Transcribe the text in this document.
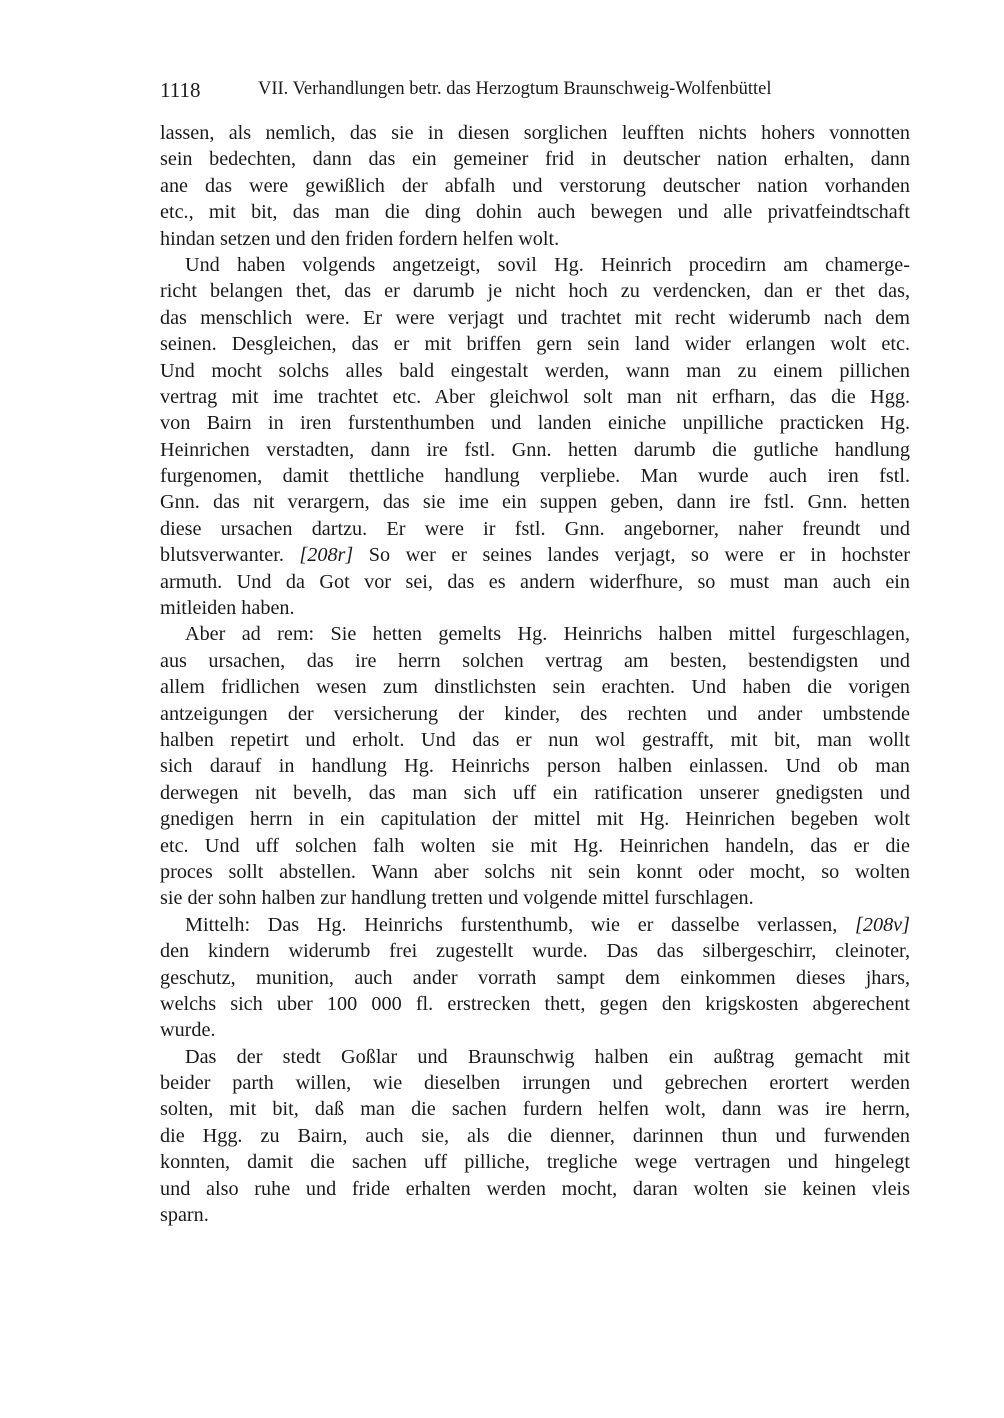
1118	VII. Verhandlungen betr. das Herzogtum Braunschweig-Wolfenbüttel
lassen, als nemlich, das sie in diesen sorglichen leufften nichts hohers vonnotten
sein bedechten, dann das ein gemeiner frid in deutscher nation erhalten, dann
ane das were gewißlich der abfalh und verstorung deutscher nation vorhanden
etc., mit bit, das man die ding dohin auch bewegen und alle privatfeindtschaft
hindan setzen und den friden fordern helfen wolt.
Und haben volgends angetzeigt, sovil Hg. Heinrich procedirn am chamerge-
richt belangen thet, das er darumb je nicht hoch zu verdencken, dan er thet das,
das menschlich were. Er were verjagt und trachtet mit recht widerumb nach dem
seinen. Desgleichen, das er mit briffen gern sein land wider erlangen wolt etc.
Und mocht solchs alles bald eingestalt werden, wann man zu einem pillichen
vertrag mit ime trachtet etc. Aber gleichwol solt man nit erfharn, das die Hgg.
von Bairn in iren furstenthumben und landen einiche unpilliche practicken Hg.
Heinrichen verstadten, dann ire fstl. Gnn. hetten darumb die gutliche handlung
furgenomen, damit thettliche handlung verpliebe. Man wurde auch iren fstl.
Gnn. das nit verargern, das sie ime ein suppen geben, dann ire fstl. Gnn. hetten
diese ursachen dartzu. Er were ir fstl. Gnn. angeborner, naher freundt und
blutsverwanter. [208r] So wer er seines landes verjagt, so were er in hochster
armuth. Und da Got vor sei, das es andern widerfhure, so must man auch ein
mitleiden haben.
Aber ad rem: Sie hetten gemelts Hg. Heinrichs halben mittel furgeschlagen,
aus ursachen, das ire herrn solchen vertrag am besten, bestendigsten und
allem fridlichen wesen zum dinstlichsten sein erachten. Und haben die vorigen
antzeigungen der versicherung der kinder, des rechten und ander umbstende
halben repetirt und erholt. Und das er nun wol gestrafft, mit bit, man wollt
sich darauf in handlung Hg. Heinrichs person halben einlassen. Und ob man
derwegen nit bevelh, das man sich uff ein ratification unserer gnedigsten und
gnedigen herrn in ein capitulation der mittel mit Hg. Heinrichen begeben wolt
etc. Und uff solchen falh wolten sie mit Hg. Heinrichen handeln, das er die
proces sollt abstellen. Wann aber solchs nit sein konnt oder mocht, so wolten
sie der sohn halben zur handlung tretten und volgende mittel furschlagen.
Mittelh: Das Hg. Heinrichs furstenthumb, wie er dasselbe verlassen, [208v]
den kindern widerumb frei zugestellt wurde. Das das silbergeschirr, cleinoter,
geschutz, munition, auch ander vorrath sampt dem einkommen dieses jhars,
welchs sich uber 100 000 fl. erstrecken thett, gegen den krigskosten abgerechent
wurde.
Das der stedt Goßlar und Braunschwig halben ein außtrag gemacht mit
beider parth willen, wie dieselben irrungen und gebrechen erortert werden
solten, mit bit, daß man die sachen furdern helfen wolt, dann was ire herrn,
die Hgg. zu Bairn, auch sie, als die dienner, darinnen thun und furwenden
konnten, damit die sachen uff pilliche, tregliche wege vertragen und hingelegt
und also ruhe und fride erhalten werden mocht, daran wolten sie keinen vleis
sparn.
